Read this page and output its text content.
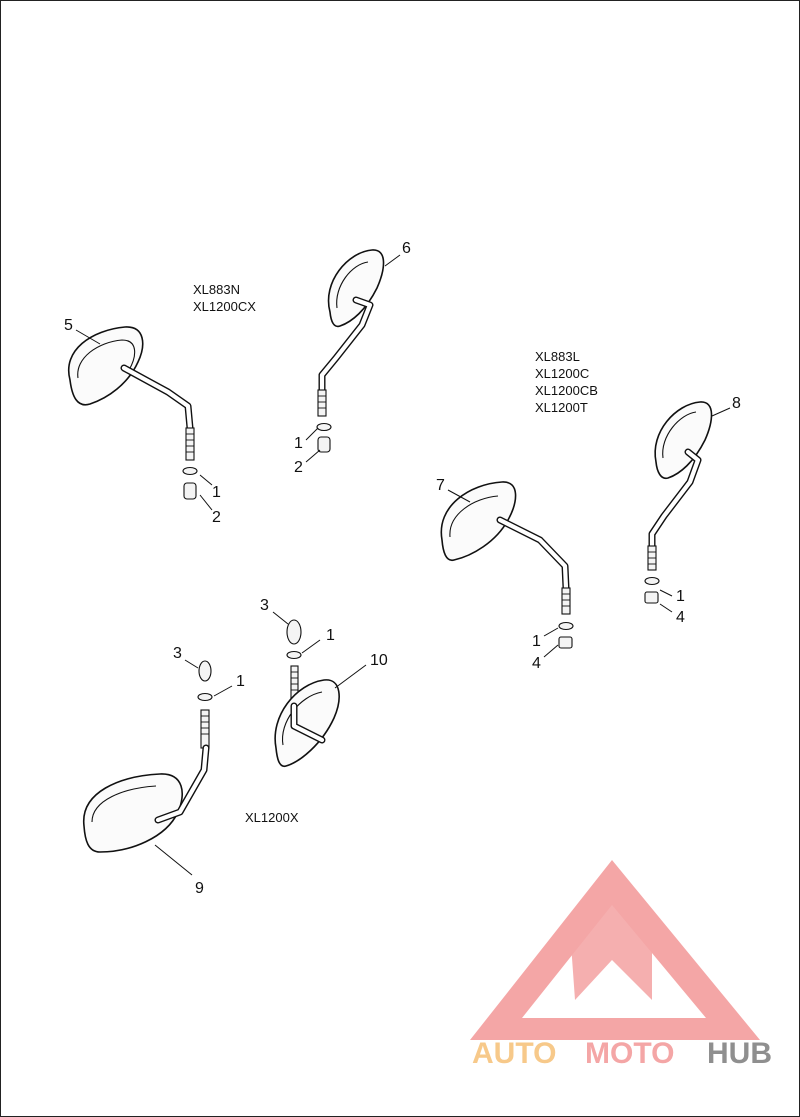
5
1
2
6
1
2
7
8
1
4
1
4
3
1
3
1
10
9
XL883N
XL1200CX
XL883L
XL1200C
XL1200CB
XL1200T
XL1200X
AUTO MOTO HUB
